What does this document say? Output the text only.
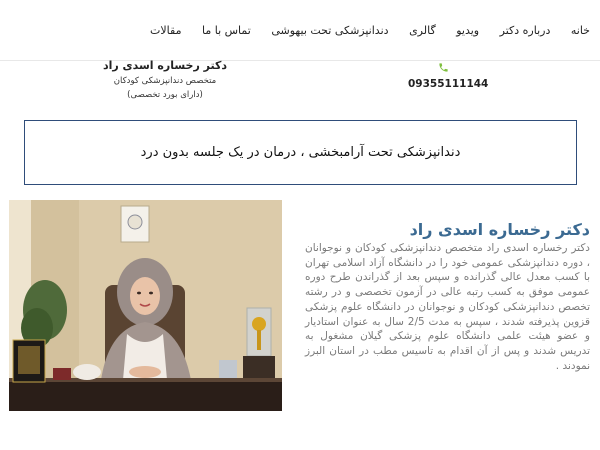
مقالات تماس با ما دندانپزشکی تحت بیهوشی گالری ویدیو درباره دکتر خانه
09355111144
دکتر رخساره اسدی راد
متخصص دندانپزشکی کودکان
(دارای بورد تخصصی)
دندانپزشکی تحت آرامبخشی ، درمان در یک جلسه بدون درد
دکتر رخساره اسدی راد
دکتر رخساره اسدی راد متخصص دندانپزشکی کودکان و نوجوانان ، دوره دندانپزشکی عمومی خود را در دانشگاه آزاد اسلامی تهران با کسب معدل عالی گذرانده و سپس بعد از گذراندن طرح دوره عمومی موفق به کسب رتبه عالی در آزمون تخصصی و در رشته تخصص دندانپزشکی کودکان و نوجوانان در دانشگاه علوم پزشکی قزوین پذیرفته شدند ، سپس به مدت 2/5 سال به عنوان استادیار و عضو هیئت علمی دانشگاه علوم پزشکی گیلان مشغول به تدریس شدند و پس از آن اقدام به تاسیس مطب در استان البرز نمودند .
